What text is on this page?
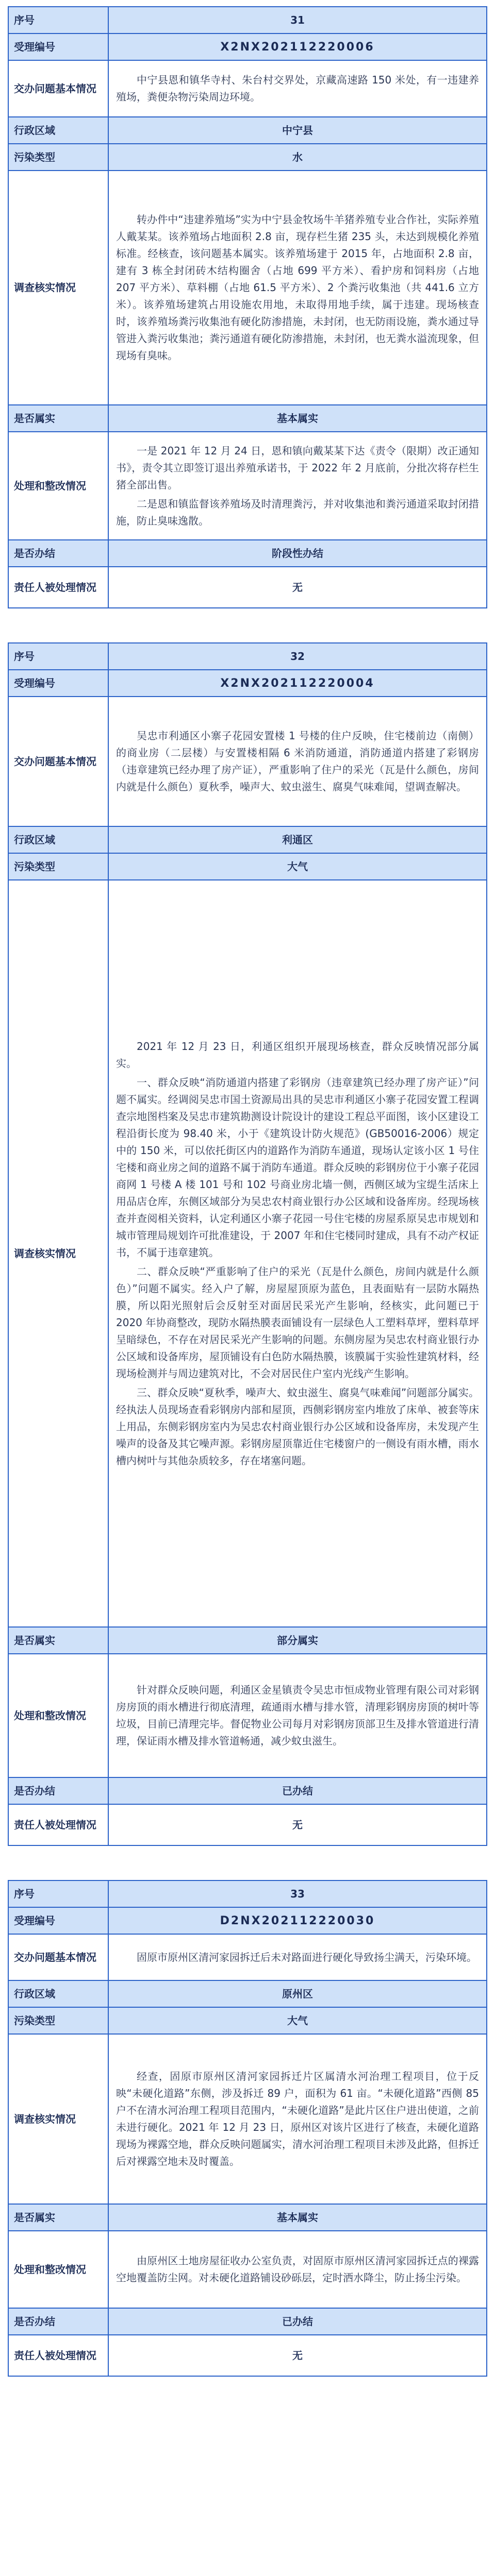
序号	31
受理编号	X2NX202112220006
交办问题基本情况	中宁县恩和镇华寺村、朱台村交界处，京藏高速路 150 米处，有一违建养殖场，粪便杂物污染周边环境。

行政区域	中宁县
污染类型	水
调查核实情况	转办件中“违建养殖场”实为中宁县金牧场牛羊猪养殖专业合作社，实际养殖人戴某某。该养殖场占地面积 2.8 亩，现存栏生猪 235 头，未达到规模化养殖标准。经核查，该问题基本属实。该养殖场建于 2015 年，占地面积 2.8 亩，建有 3 栋全封闭砖木结构圈舍（占地 699 平方米）、看护房和饲料房（占地 207 平方米）、草料棚（占地 61.5 平方米）、2 个粪污收集池（共 441.6 立方米）。该养殖场建筑占用设施农用地，未取得用地手续，属于违建。现场核查时，该养殖场粪污收集池有硬化防渗措施，未封闭，也无防雨设施，粪水通过导管进入粪污收集池；粪污通道有硬化防渗措施，未封闭，也无粪水溢流现象，但现场有臭味。

是否属实	基本属实
处理和整改情况	一是 2021 年 12 月 24 日，恩和镇向戴某某下达《责令（限期）改正通知书》，责令其立即签订退出养殖承诺书，于 2022 年 2 月底前，分批次将存栏生猪全部出售。

二是恩和镇监督该养殖场及时清理粪污，并对收集池和粪污通道采取封闭措施，防止臭味逸散。

是否办结	阶段性办结
责任人被处理情况	无
序号	32
受理编号	X2NX202112220004
交办问题基本情况	吴忠市利通区小寨子花园安置楼 1 号楼的住户反映，住宅楼前边（南侧）的商业房（二层楼）与安置楼相隔 6 米消防通道，消防通道内搭建了彩钢房（违章建筑已经办理了房产证），严重影响了住户的采光（瓦是什么颜色，房间内就是什么颜色）夏秋季，噪声大、蚊虫滋生、腐臭气味难闻，望调查解决。

行政区域	利通区
污染类型	大气
调查核实情况	2021 年 12 月 23 日，利通区组织开展现场核查，群众反映情况部分属实。

一、群众反映“消防通道内搭建了彩钢房（违章建筑已经办理了房产证）”问题不属实。经调阅吴忠市国土资源局出具的吴忠市利通区小寨子花园安置工程调查宗地图档案及吴忠市建筑勘测设计院设计的建设工程总平面图，该小区建设工程沿街长度为 98.40 米，小于《建筑设计防火规范》(GB50016-2006）规定中的 150 米，可以依托街区内的道路作为消防车通道，现场认定该小区 1 号住宅楼和商业房之间的道路不属于消防车通道。群众反映的彩钢房位于小寨子花园商网 1 号楼 A 楼 101 号和 102 号商业房北墙一侧，西侧区域为宝缇生活床上用品店仓库，东侧区域部分为吴忠农村商业银行办公区域和设备库房。经现场核查并查阅相关资料，认定利通区小寨子花园一号住宅楼的房屋系原吴忠市规划和城市管理局规划许可批准建设，于 2007 年和住宅楼同时建成，具有不动产权证书，不属于违章建筑。

二、群众反映“严重影响了住户的采光（瓦是什么颜色，房间内就是什么颜色）”问题不属实。经入户了解，房屋屋顶原为蓝色，且表面贴有一层防水隔热膜，所以阳光照射后会反射至对面居民采光产生影响，经核实，此问题已于 2020 年协商整改，现防水隔热膜表面铺设有一层绿色人工塑料草坪，塑料草坪呈暗绿色，不存在对居民采光产生影响的问题。东侧房屋为吴忠农村商业银行办公区域和设备库房，屋顶铺设有白色防水隔热膜，该膜属于实验性建筑材料，经现场检测并与周边建筑对比，不会对居民住户室内光线产生影响。

三、群众反映“夏秋季，噪声大、蚊虫滋生、腐臭气味难闻”问题部分属实。经执法人员现场查看彩钢房内部和屋顶，西侧彩钢房室内堆放了床单、被套等床上用品，东侧彩钢房室内为吴忠农村商业银行办公区域和设备库房，未发现产生噪声的设备及其它噪声源。彩钢房屋顶靠近住宅楼窗户的一侧设有雨水槽，雨水槽内树叶与其他杂质较多，存在堵塞问题。

是否属实	部分属实
处理和整改情况	针对群众反映问题，利通区金星镇责令吴忠市恒成物业管理有限公司对彩钢房房顶的雨水槽进行彻底清理，疏通雨水槽与排水管，清理彩钢房房顶的树叶等垃圾，目前已清理完毕。督促物业公司每月对彩钢房顶部卫生及排水管道进行清理，保证雨水槽及排水管道畅通，减少蚊虫滋生。

是否办结	已办结
责任人被处理情况	无
序号	33
受理编号	D2NX202112220030
交办问题基本情况	固原市原州区清河家园拆迁后未对路面进行硬化导致扬尘满天，污染环境。

行政区域	原州区
污染类型	大气
调查核实情况	经查，固原市原州区清河家园拆迁片区属清水河治理工程项目，位于反映“未硬化道路”东侧，涉及拆迁 89 户，面积为 61 亩。“未硬化道路”西侧 85 户不在清水河治理工程项目范围内，“未硬化道路”是此片区住户进出使道，之前未进行硬化。2021 年 12 月 23 日，原州区对该片区进行了核查，未硬化道路现场为裸露空地，群众反映问题属实，清水河治理工程项目未涉及此路，但拆迁后对裸露空地未及时覆盖。

是否属实	基本属实
处理和整改情况	由原州区土地房屋征收办公室负责，对固原市原州区清河家园拆迁点的裸露空地覆盖防尘网。对未硬化道路铺设砂砾层，定时洒水降尘，防止扬尘污染。

是否办结	已办结
责任人被处理情况	无
